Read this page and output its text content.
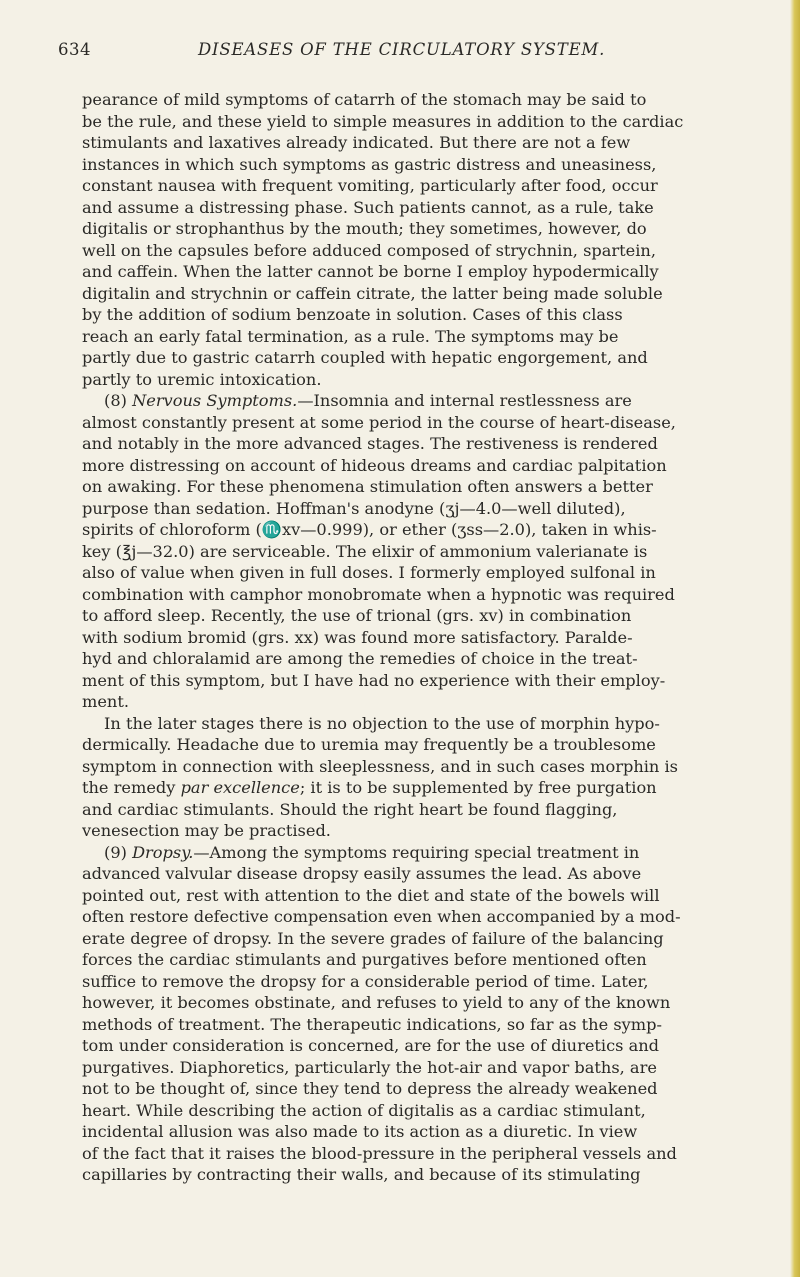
634	DISEASES OF THE CIRCULATORY SYSTEM.
pearance of mild symptoms of catarrh of the stomach may be said to
be the rule, and these yield to simple measures in addition to the cardiac
stimulants and laxatives already indicated. But there are not a few
instances in which such symptoms as gastric distress and uneasiness,
constant nausea with frequent vomiting, particularly after food, occur
and assume a distressing phase. Such patients cannot, as a rule, take
digitalis or strophanthus by the mouth; they sometimes, however, do
well on the capsules before adduced composed of strychnin, spartein,
and caffein. When the latter cannot be borne I employ hypodermically
digitalin and strychnin or caffein citrate, the latter being made soluble
by the addition of sodium benzoate in solution. Cases of this class
reach an early fatal termination, as a rule. The symptoms may be
partly due to gastric catarrh coupled with hepatic engorgement, and
partly to uremic intoxication.
(8) Nervous Symptoms.—Insomnia and internal restlessness are
almost constantly present at some period in the course of heart-disease,
and notably in the more advanced stages. The restiveness is rendered
more distressing on account of hideous dreams and cardiac palpitation
on awaking. For these phenomena stimulation often answers a better
purpose than sedation. Hoffman's anodyne (ʒj—4.0—well diluted),
spirits of chloroform (♏xv—0.999), or ether (ʒss—2.0), taken in whis-
key (℥j—32.0) are serviceable. The elixir of ammonium valerianate is
also of value when given in full doses. I formerly employed sulfonal in
combination with camphor monobromate when a hypnotic was required
to afford sleep. Recently, the use of trional (grs. xv) in combination
with sodium bromid (grs. xx) was found more satisfactory. Paralde-
hyd and chloralamid are among the remedies of choice in the treat-
ment of this symptom, but I have had no experience with their employ-
ment.
In the later stages there is no objection to the use of morphin hypo-
dermically. Headache due to uremia may frequently be a troublesome
symptom in connection with sleeplessness, and in such cases morphin is
the remedy par excellence; it is to be supplemented by free purgation
and cardiac stimulants. Should the right heart be found flagging,
venesection may be practised.
(9) Dropsy.—Among the symptoms requiring special treatment in
advanced valvular disease dropsy easily assumes the lead. As above
pointed out, rest with attention to the diet and state of the bowels will
often restore defective compensation even when accompanied by a mod-
erate degree of dropsy. In the severe grades of failure of the balancing
forces the cardiac stimulants and purgatives before mentioned often
suffice to remove the dropsy for a considerable period of time. Later,
however, it becomes obstinate, and refuses to yield to any of the known
methods of treatment. The therapeutic indications, so far as the symp-
tom under consideration is concerned, are for the use of diuretics and
purgatives. Diaphoretics, particularly the hot-air and vapor baths, are
not to be thought of, since they tend to depress the already weakened
heart. While describing the action of digitalis as a cardiac stimulant,
incidental allusion was also made to its action as a diuretic. In view
of the fact that it raises the blood-pressure in the peripheral vessels and
capillaries by contracting their walls, and because of its stimulating
